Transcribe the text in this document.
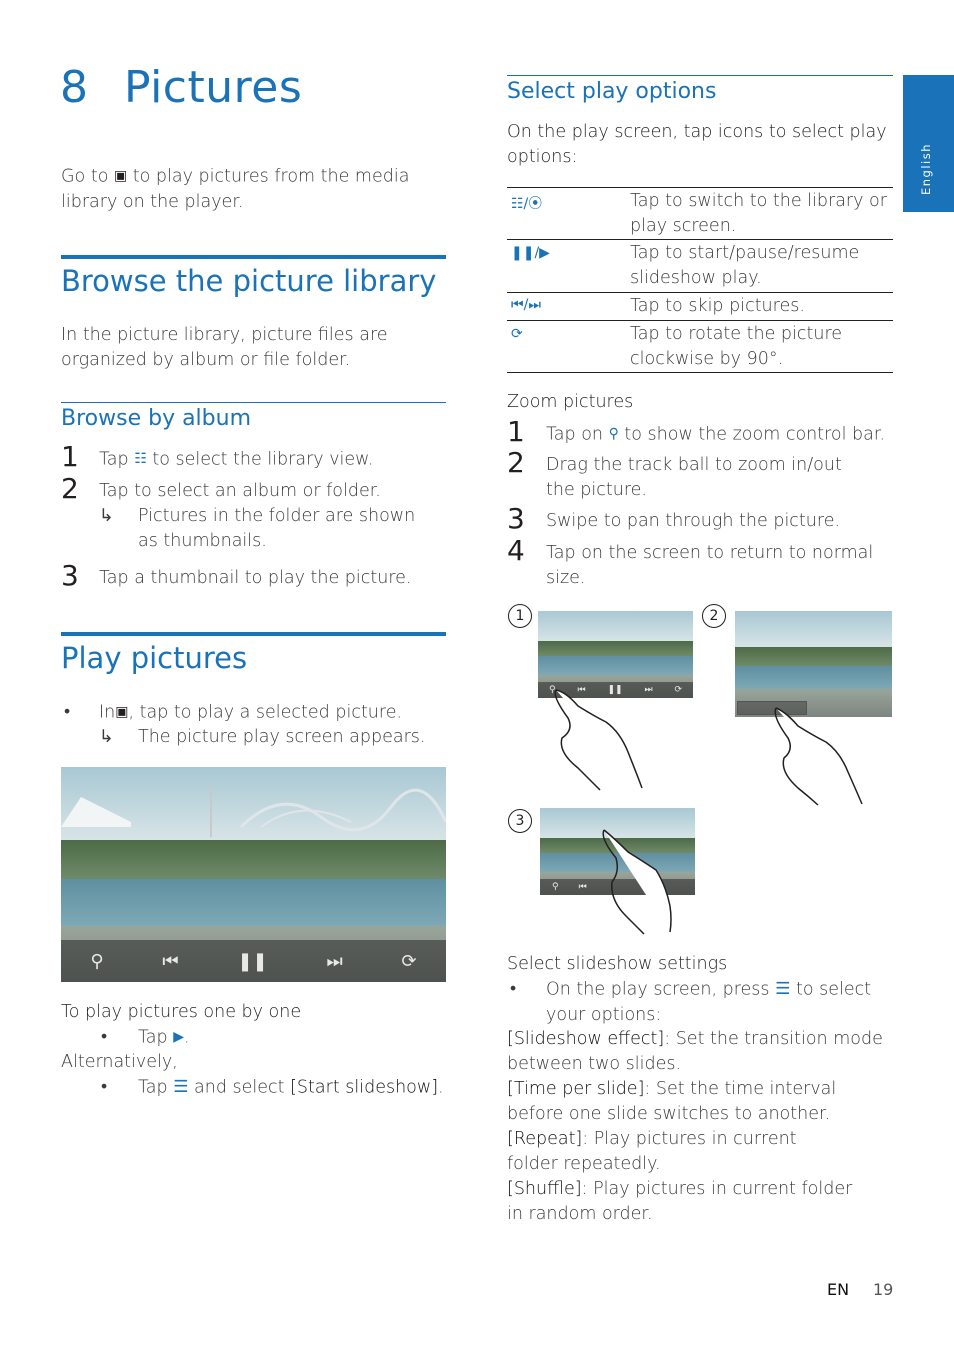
English
8 Pictures
Go to ▣ to play pictures from the media library on the player.
Browse the picture library
In the picture library, picture files are organized by album or file folder.
Browse by album
1	Tap ☷ to select the library view.
2	Tap to select an album or folder.
↳	Pictures in the folder are shown as thumbnails.
3	Tap a thumbnail to play the picture.
Play pictures
• In▣, tap to play a selected picture.
↳	The picture play screen appears.
⚲	⏮	❚❚	⏭	⟳
To play pictures one by one
• Tap ▶.
Alternatively,
• Tap ☰ and select [Start slideshow].
Select play options
On the play screen, tap icons to select play options:
☷/⦿	Tap to switch to the library or play screen.
❚❚/▶	Tap to start/pause/resume slideshow play.
⏮/⏭	Tap to skip pictures.
⟳	Tap to rotate the picture clockwise by 90°.
Zoom pictures
1	Tap on ⚲ to show the zoom control bar.
2	Drag the track ball to zoom in/out the picture.
3	Swipe to pan through the picture.
4	Tap on the screen to return to normal size.
1
⚲ ⏮ ❚❚ ⏭ ⟳
2
3
⚲ ⏮
Select slideshow settings
• On the play screen, press ☰ to select your options:
[Slideshow effect]: Set the transition mode between two slides.
[Time per slide]: Set the time interval before one slide switches to another.
[Repeat]: Play pictures in current folder repeatedly.
[Shuffle]: Play pictures in current folder in random order.
EN 19
